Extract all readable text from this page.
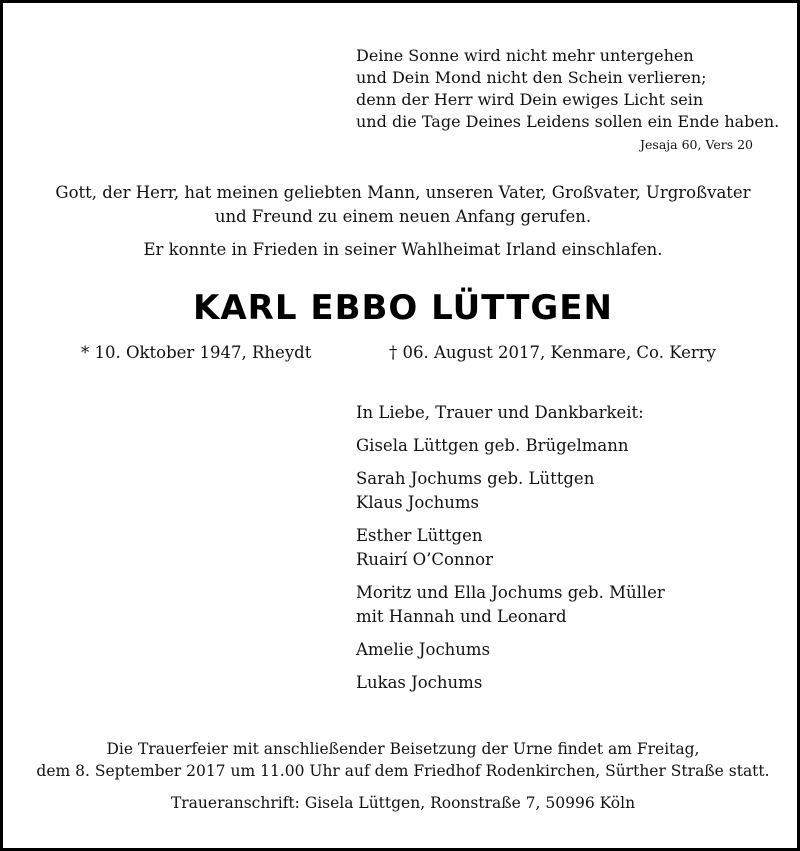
Deine Sonne wird nicht mehr untergehen
und Dein Mond nicht den Schein verlieren;
denn der Herr wird Dein ewiges Licht sein
und die Tage Deines Leidens sollen ein Ende haben.
Jesaja 60, Vers 20
Gott, der Herr, hat meinen geliebten Mann, unseren Vater, Großvater, Urgroßvater
und Freund zu einem neuen Anfang gerufen.
Er konnte in Frieden in seiner Wahlheimat Irland einschlafen.
KARL EBBO LÜTTGEN
* 10. Oktober 1947, Rheydt	† 06. August 2017, Kenmare, Co. Kerry
In Liebe, Trauer und Dankbarkeit:
Gisela Lüttgen geb. Brügelmann
Sarah Jochums geb. Lüttgen
Klaus Jochums
Esther Lüttgen
Ruairí O’Connor
Moritz und Ella Jochums geb. Müller
mit Hannah und Leonard
Amelie Jochums
Lukas Jochums
Die Trauerfeier mit anschließender Beisetzung der Urne findet am Freitag,
dem 8. September 2017 um 11.00 Uhr auf dem Friedhof Rodenkirchen, Sürther Straße statt.
Traueranschrift: Gisela Lüttgen, Roonstraße 7, 50996 Köln
